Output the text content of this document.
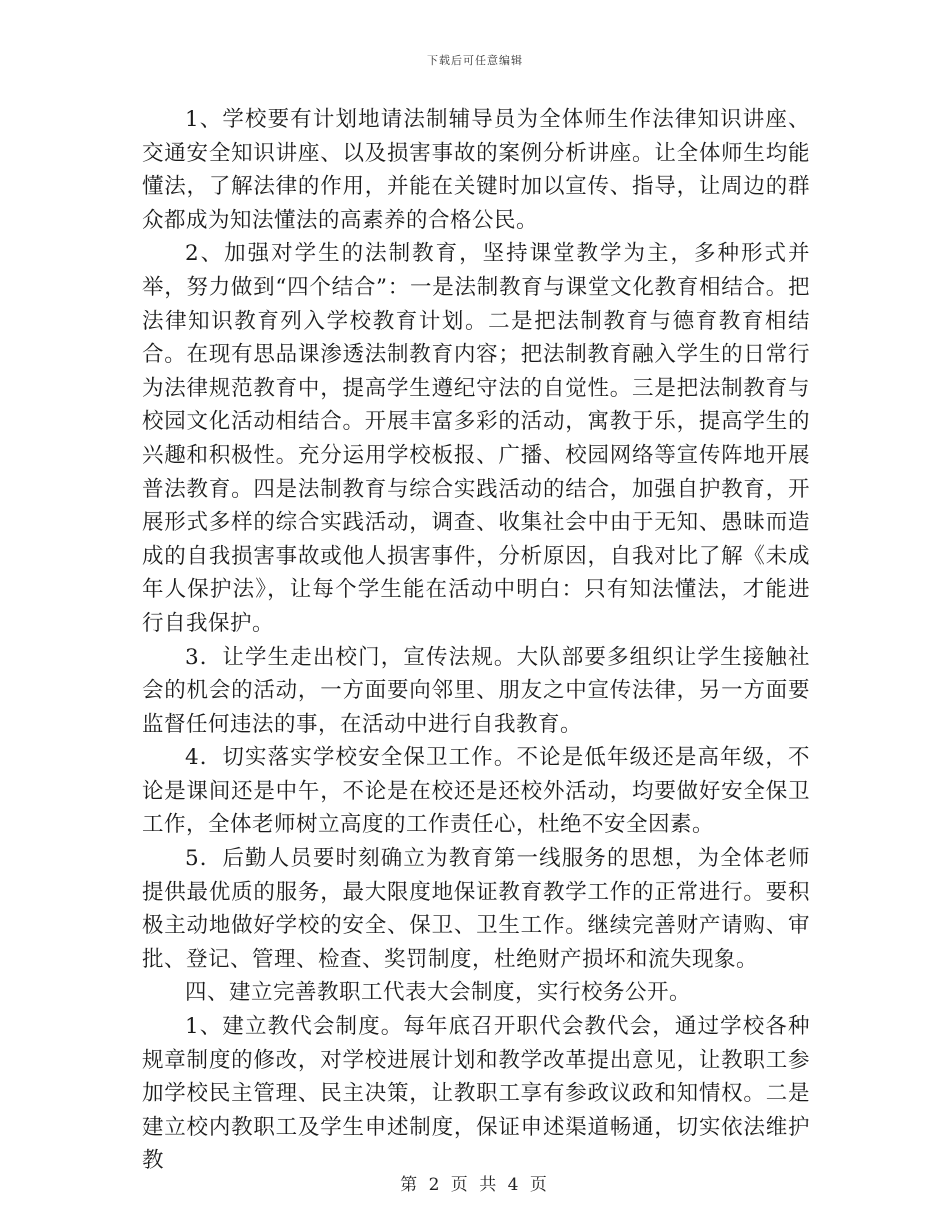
下载后可任意编辑

1、学校要有计划地请法制辅导员为全体师生作法律知识讲座、交通安全知识讲座、以及损害事故的案例分析讲座。让全体师生均能懂法，了解法律的作用，并能在关键时加以宣传、指导，让周边的群众都成为知法懂法的高素养的合格公民。

2、加强对学生的法制教育，坚持课堂教学为主，多种形式并举，努力做到“四个结合”：一是法制教育与课堂文化教育相结合。把法律知识教育列入学校教育计划。二是把法制教育与德育教育相结合。在现有思品课渗透法制教育内容；把法制教育融入学生的日常行为法律规范教育中，提高学生遵纪守法的自觉性。三是把法制教育与校园文化活动相结合。开展丰富多彩的活动，寓教于乐，提高学生的兴趣和积极性。充分运用学校板报、广播、校园网络等宣传阵地开展普法教育。四是法制教育与综合实践活动的结合，加强自护教育，开展形式多样的综合实践活动，调查、收集社会中由于无知、愚昧而造成的自我损害事故或他人损害事件，分析原因，自我对比了解《未成年人保护法》，让每个学生能在活动中明白：只有知法懂法，才能进行自我保护。

3．让学生走出校门，宣传法规。大队部要多组织让学生接触社会的机会的活动，一方面要向邻里、朋友之中宣传法律，另一方面要监督任何违法的事，在活动中进行自我教育。

4．切实落实学校安全保卫工作。不论是低年级还是高年级，不论是课间还是中午，不论是在校还是还校外活动，均要做好安全保卫工作，全体老师树立高度的工作责任心，杜绝不安全因素。

5．后勤人员要时刻确立为教育第一线服务的思想，为全体老师提供最优质的服务，最大限度地保证教育教学工作的正常进行。要积极主动地做好学校的安全、保卫、卫生工作。继续完善财产请购、审批、登记、管理、检查、奖罚制度，杜绝财产损坏和流失现象。

四、建立完善教职工代表大会制度，实行校务公开。

1、建立教代会制度。每年底召开职代会教代会，通过学校各种规章制度的修改，对学校进展计划和教学改革提出意见，让教职工参加学校民主管理、民主决策，让教职工享有参政议政和知情权。二是建立校内教职工及学生申述制度，保证申述渠道畅通，切实依法维护教

第 2 页 共 4 页
